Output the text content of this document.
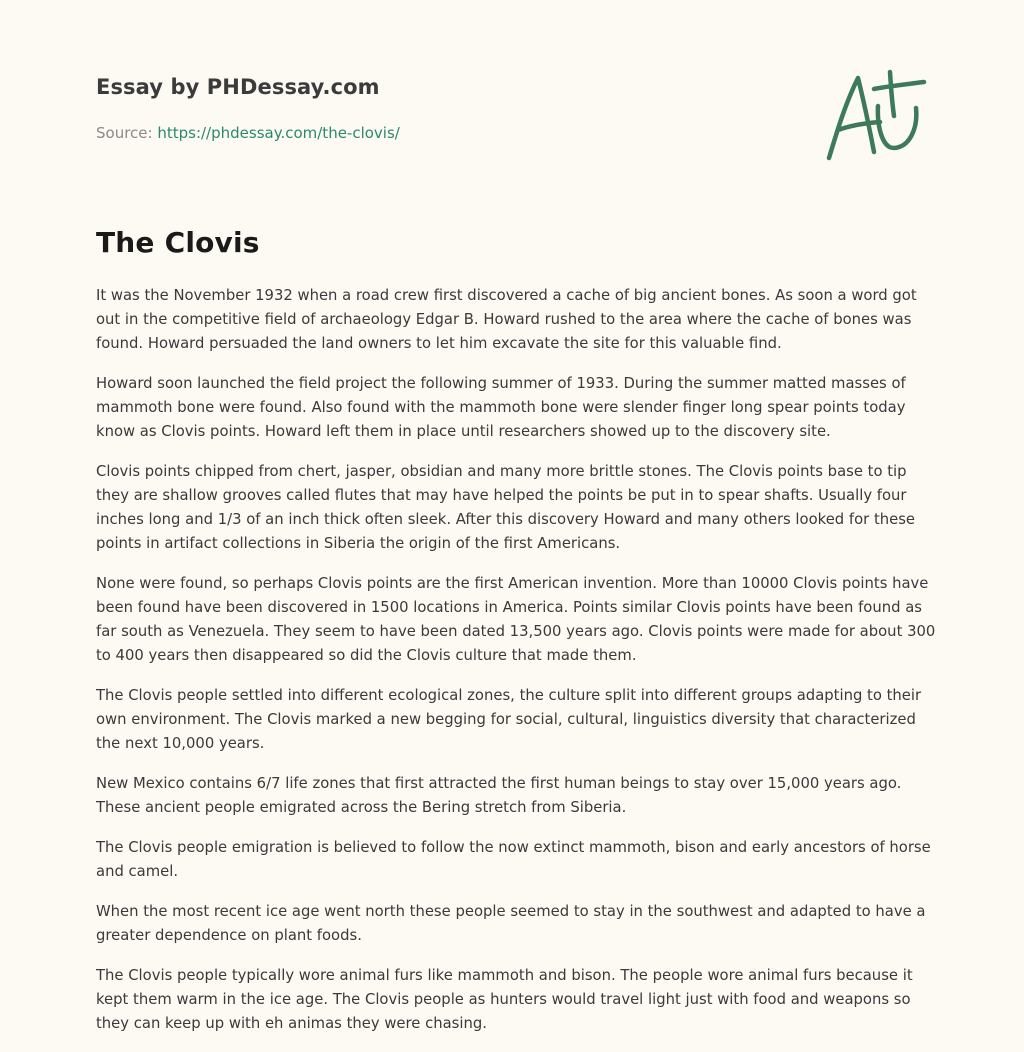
Essay by PHDessay.com
Source: https://phdessay.com/the-clovis/
The Clovis

It was the November 1932 when a road crew first discovered a cache of big ancient bones. As soon a word got out in the competitive field of archaeology Edgar B. Howard rushed to the area where the cache of bones was found. Howard persuaded the land owners to let him excavate the site for this valuable find.

Howard soon launched the field project the following summer of 1933. During the summer matted masses of mammoth bone were found. Also found with the mammoth bone were slender finger long spear points today know as Clovis points. Howard left them in place until researchers showed up to the discovery site.

Clovis points chipped from chert, jasper, obsidian and many more brittle stones. The Clovis points base to tip they are shallow grooves called flutes that may have helped the points be put in to spear shafts. Usually four inches long and 1/3 of an inch thick often sleek. After this discovery Howard and many others looked for these points in artifact collections in Siberia the origin of the first Americans.

None were found, so perhaps Clovis points are the first American invention. More than 10000 Clovis points have been found have been discovered in 1500 locations in America. Points similar Clovis points have been found as far south as Venezuela. They seem to have been dated 13,500 years ago. Clovis points were made for about 300 to 400 years then disappeared so did the Clovis culture that made them.

The Clovis people settled into different ecological zones, the culture split into different groups adapting to their own environment. The Clovis marked a new begging for social, cultural, linguistics diversity that characterized the next 10,000 years.

New Mexico contains 6/7 life zones that first attracted the first human beings to stay over 15,000 years ago. These ancient people emigrated across the Bering stretch from Siberia.

The Clovis people emigration is believed to follow the now extinct mammoth, bison and early ancestors of horse and camel.

When the most recent ice age went north these people seemed to stay in the southwest and adapted to have a greater dependence on plant foods.

The Clovis people typically wore animal furs like mammoth and bison. The people wore animal furs because it kept them warm in the ice age. The Clovis people as hunters would travel light just with food and weapons so they can keep up with eh animas they were chasing.
